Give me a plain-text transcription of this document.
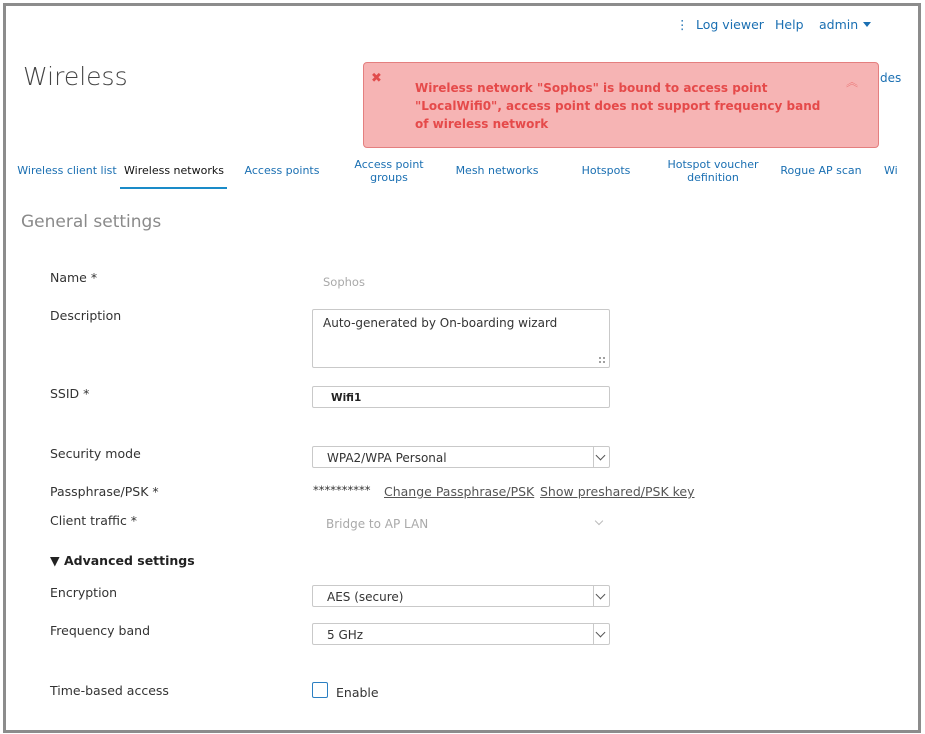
⋮ Log viewer Help admin
Wireless	des
✖
Wireless network "Sophos" is bound to access point "LocalWifi0", access point does not support frequency band of wireless network
︽
Wireless client list Wireless networks	Access points	Access point groups
Mesh networks	Hotspots	Hotspot voucher definition
Rogue AP scan Wi
General settings
Name *	Sophos
Description	Auto-generated by On-boarding wizard
SSID *	Wifi1
Security mode	WPA2/WPA Personal
Passphrase/PSK *	********** Change Passphrase/PSK Show preshared/PSK key
Client traffic *	Bridge to AP LAN
▼ Advanced settings
Encryption	AES (secure)
Frequency band	5 GHz
Time-based access	Enable
